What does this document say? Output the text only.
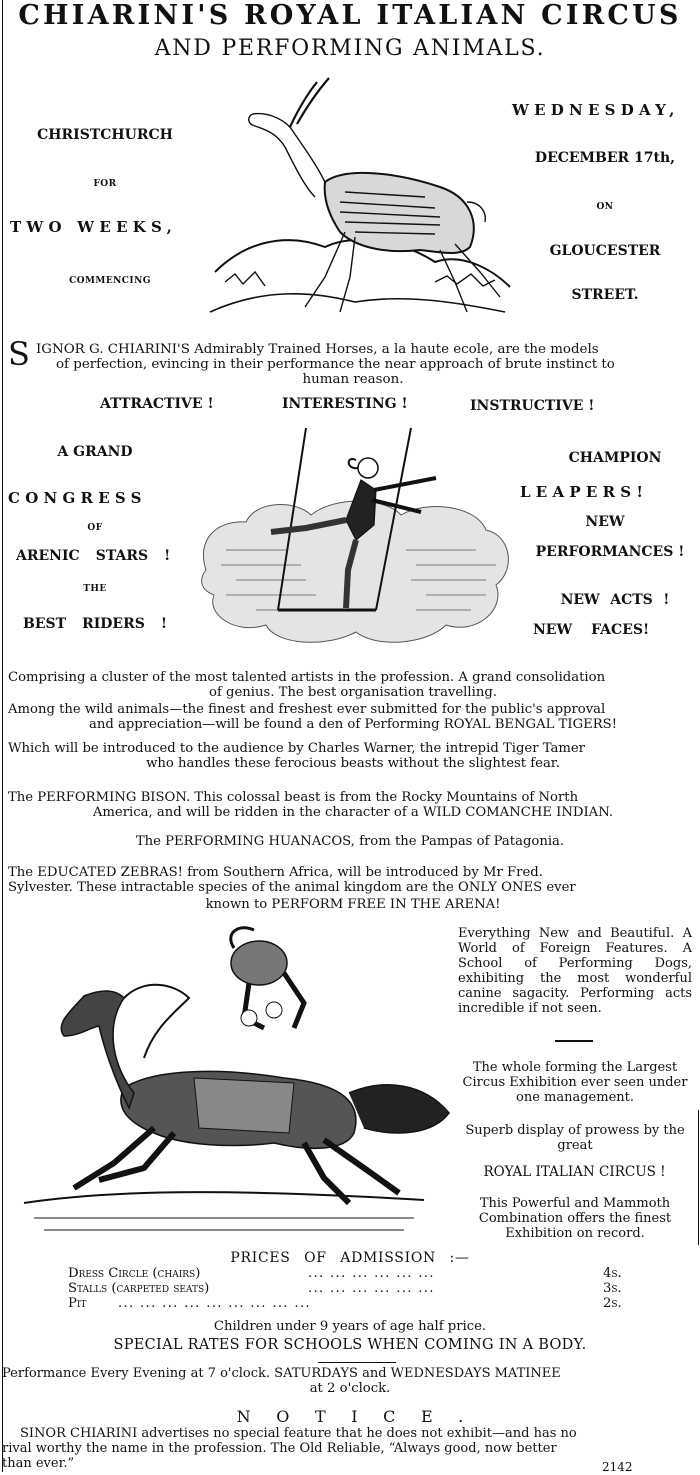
CHIARINI'S ROYAL ITALIAN CIRCUS
AND PERFORMING ANIMALS.
CHRISTCHURCH
FOR
TWO WEEKS,
COMMENCING
WEDNESDAY,
DECEMBER 17th,
ON
GLOUCESTER
STREET.
S IGNOR G. CHIARINI'S Admirably Trained Horses, a la haute ecole, are the models
of perfection, evincing in their performance the near approach of brute instinct to
human reason.
ATTRACTIVE !	INTERESTING !	INSTRUCTIVE !
A GRAND
CONGRESS
OF
ARENIC STARS !
THE
BEST RIDERS !
CHAMPION
LEAPERS!
NEW
PERFORMANCES !
NEW ACTS !
NEW FACES!
Comprising a cluster of the most talented artists in the profession. A grand consolidation
of genius. The best organisation travelling.
Among the wild animals—the finest and freshest ever submitted for the public's approval
and appreciation—will be found a den of Performing ROYAL BENGAL TIGERS!
Which will be introduced to the audience by Charles Warner, the intrepid Tiger Tamer
who handles these ferocious beasts without the slightest fear.
The PERFORMING BISON. This colossal beast is from the Rocky Mountains of North
America, and will be ridden in the character of a WILD COMANCHE INDIAN.
The PERFORMING HUANACOS, from the Pampas of Patagonia.
The EDUCATED ZEBRAS! from Southern Africa, will be introduced by Mr Fred.
Sylvester. These intractable species of the animal kingdom are the ONLY ONES ever
known to PERFORM FREE IN THE ARENA!
Everything New and Beautiful. A World of Foreign Features. A School of Performing Dogs, exhibiting the most wonderful canine sagacity. Performing acts incredible if not seen.
The whole forming the Largest Circus Exhibition ever seen under one management.
Superb display of prowess by the great
ROYAL ITALIAN CIRCUS !
This Powerful and Mammoth Combination offers the finest Exhibition on record.
PRICES OF ADMISSION :—
Dress Circle (chairs)	... ... ... ... ... ...	4s.
Stalls (carpeted seats)	... ... ... ... ... ...	3s.
Pit ... ... ... ... ... ... ... ... ...	2s.
Children under 9 years of age half price.
SPECIAL RATES FOR SCHOOLS WHEN COMING IN A BODY.
Performance Every Evening at 7 o'clock. SATURDAYS and WEDNESDAYS MATINEE
at 2 o'clock.
NOTICE.
SINOR CHIARINI advertises no special feature that he does not exhibit—and has no
rival worthy the name in the profession. The Old Reliable, “Always good, now better
than ever.”	2142
